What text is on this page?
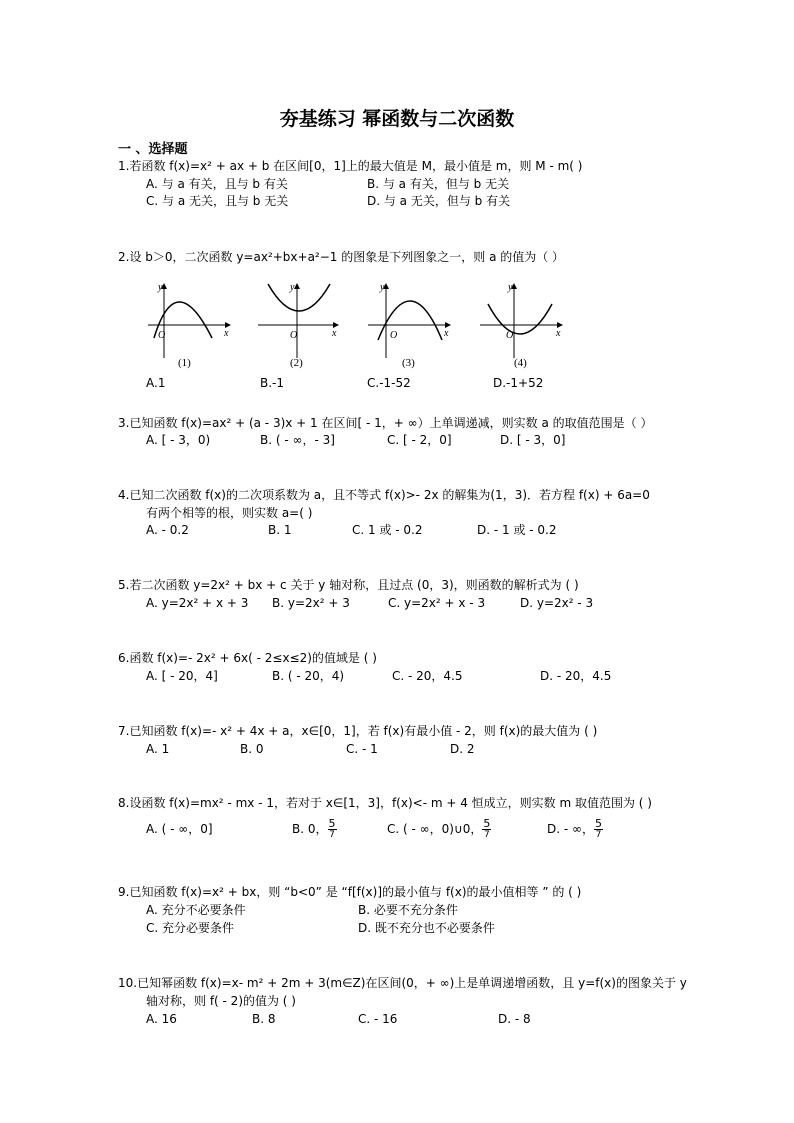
夯基练习 幂函数与二次函数
一 、选择题
1.若函数 f(x)=x² + ax + b 在区间[0，1]上的最大值是 M，最小值是 m，则 M - m( )
A. 与 a 有关，且与 b 有关	B. 与 a 有关，但与 b 无关
C. 与 a 无关，且与 b 无关	D. 与 a 无关，但与 b 有关
2.设 b＞0，二次函数 y=ax²+bx+a²−1 的图象是下列图象之一，则 a 的值为（ ）
x
y
O
(1)
x
y
O
(2)
x
y
O
(3)
x
y
O
(4)
A.1	B.-1	C.-1-52	D.-1+52
3.已知函数 f(x)=ax² + (a - 3)x + 1 在区间[ - 1，+ ∞）上单调递减，则实数 a 的取值范围是（ ）
A. [ - 3，0)	B. ( - ∞，- 3]	C. [ - 2，0]	D. [ - 3，0]
4.已知二次函数 f(x)的二次项系数为 a，且不等式 f(x)>- 2x 的解集为(1，3)．若方程 f(x) + 6a=0
有两个相等的根，则实数 a=( )
A. - 0.2	B. 1	C. 1 或 - 0.2	D. - 1 或 - 0.2
5.若二次函数 y=2x² + bx + c 关于 y 轴对称，且过点 (0，3)，则函数的解析式为 ( )
A. y=2x² + x + 3 B. y=2x² + 3	C. y=2x² + x - 3	D. y=2x² - 3
6.函数 f(x)=- 2x² + 6x( - 2≤x≤2)的值域是 ( )
A. [ - 20，4]	B. ( - 20，4)	C. - 20，4.5	D. - 20，4.5
7.已知函数 f(x)=- x² + 4x + a，x∈[0，1]，若 f(x)有最小值 - 2，则 f(x)的最大值为 ( )
A. 1	B. 0	C. - 1	D. 2
8.设函数 f(x)=mx² - mx - 1，若对于 x∈[1，3]，f(x)<- m + 4 恒成立，则实数 m 取值范围为 ( )
A. ( - ∞，0]	B. 0， $\frac{5}{7}$	C. ( - ∞，0)∪0， $\frac{5}{7}$	D. - ∞， $\frac{5}{7}$
9.已知函数 f(x)=x² + bx，则 “b<0” 是 “f[f(x)]的最小值与 f(x)的最小值相等 ” 的 ( )
A. 充分不必要条件	B. 必要不充分条件
C. 充分必要条件	D. 既不充分也不必要条件
10.已知幂函数 f(x)=x- m² + 2m + 3(m∈Z)在区间(0，+ ∞)上是单调递增函数，且 y=f(x)的图象关于 y
轴对称，则 f( - 2)的值为 ( )
A. 16	B. 8	C. - 16	D. - 8
